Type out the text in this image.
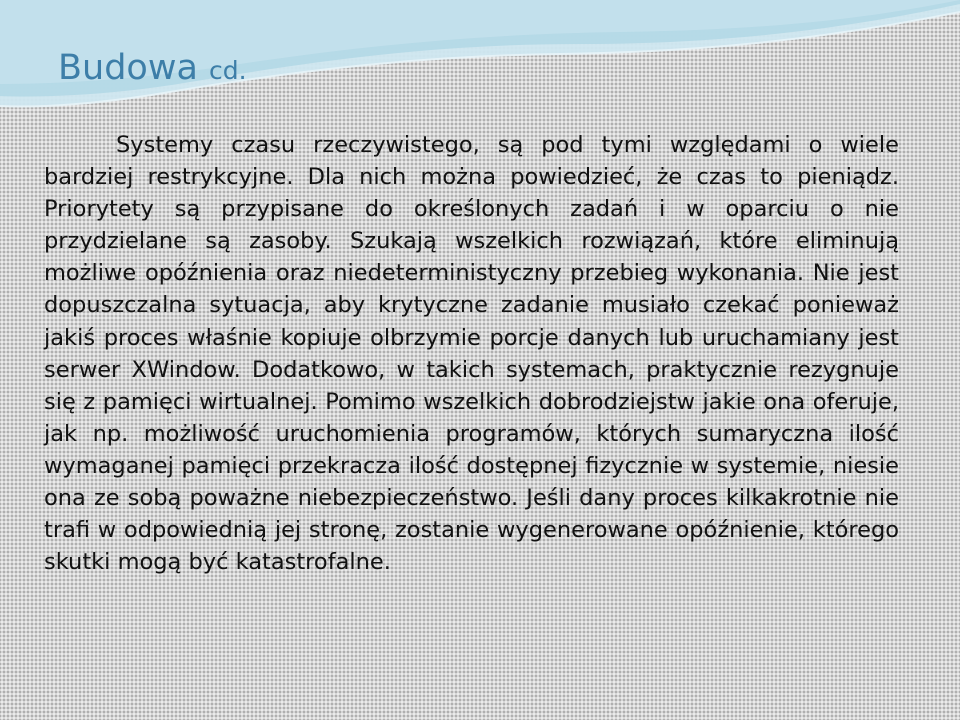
Budowa cd.

Systemy czasu rzeczywistego, są pod tymi względami o wiele bardziej restrykcyjne. Dla nich można powiedzieć, że czas to pieniądz. Priorytety są przypisane do określonych zadań i w oparciu o nie przydzielane są zasoby. Szukają wszelkich rozwiązań, które eliminują możliwe opóźnienia oraz niedeterministyczny przebieg wykonania. Nie jest dopuszczalna sytuacja, aby krytyczne zadanie musiało czekać ponieważ jakiś proces właśnie kopiuje olbrzymie porcje danych lub uruchamiany jest serwer XWindow. Dodatkowo, w takich systemach, praktycznie rezygnuje się z pamięci wirtualnej. Pomimo wszelkich dobrodziejstw jakie ona oferuje, jak np. możliwość uruchomienia programów, których sumaryczna ilość wymaganej pamięci przekracza ilość dostępnej fizycznie w systemie, niesie ona ze sobą poważne niebezpieczeństwo. Jeśli dany proces kilkakrotnie nie trafi w odpowiednią jej stronę, zostanie wygenerowane opóźnienie, którego skutki mogą być katastrofalne.
